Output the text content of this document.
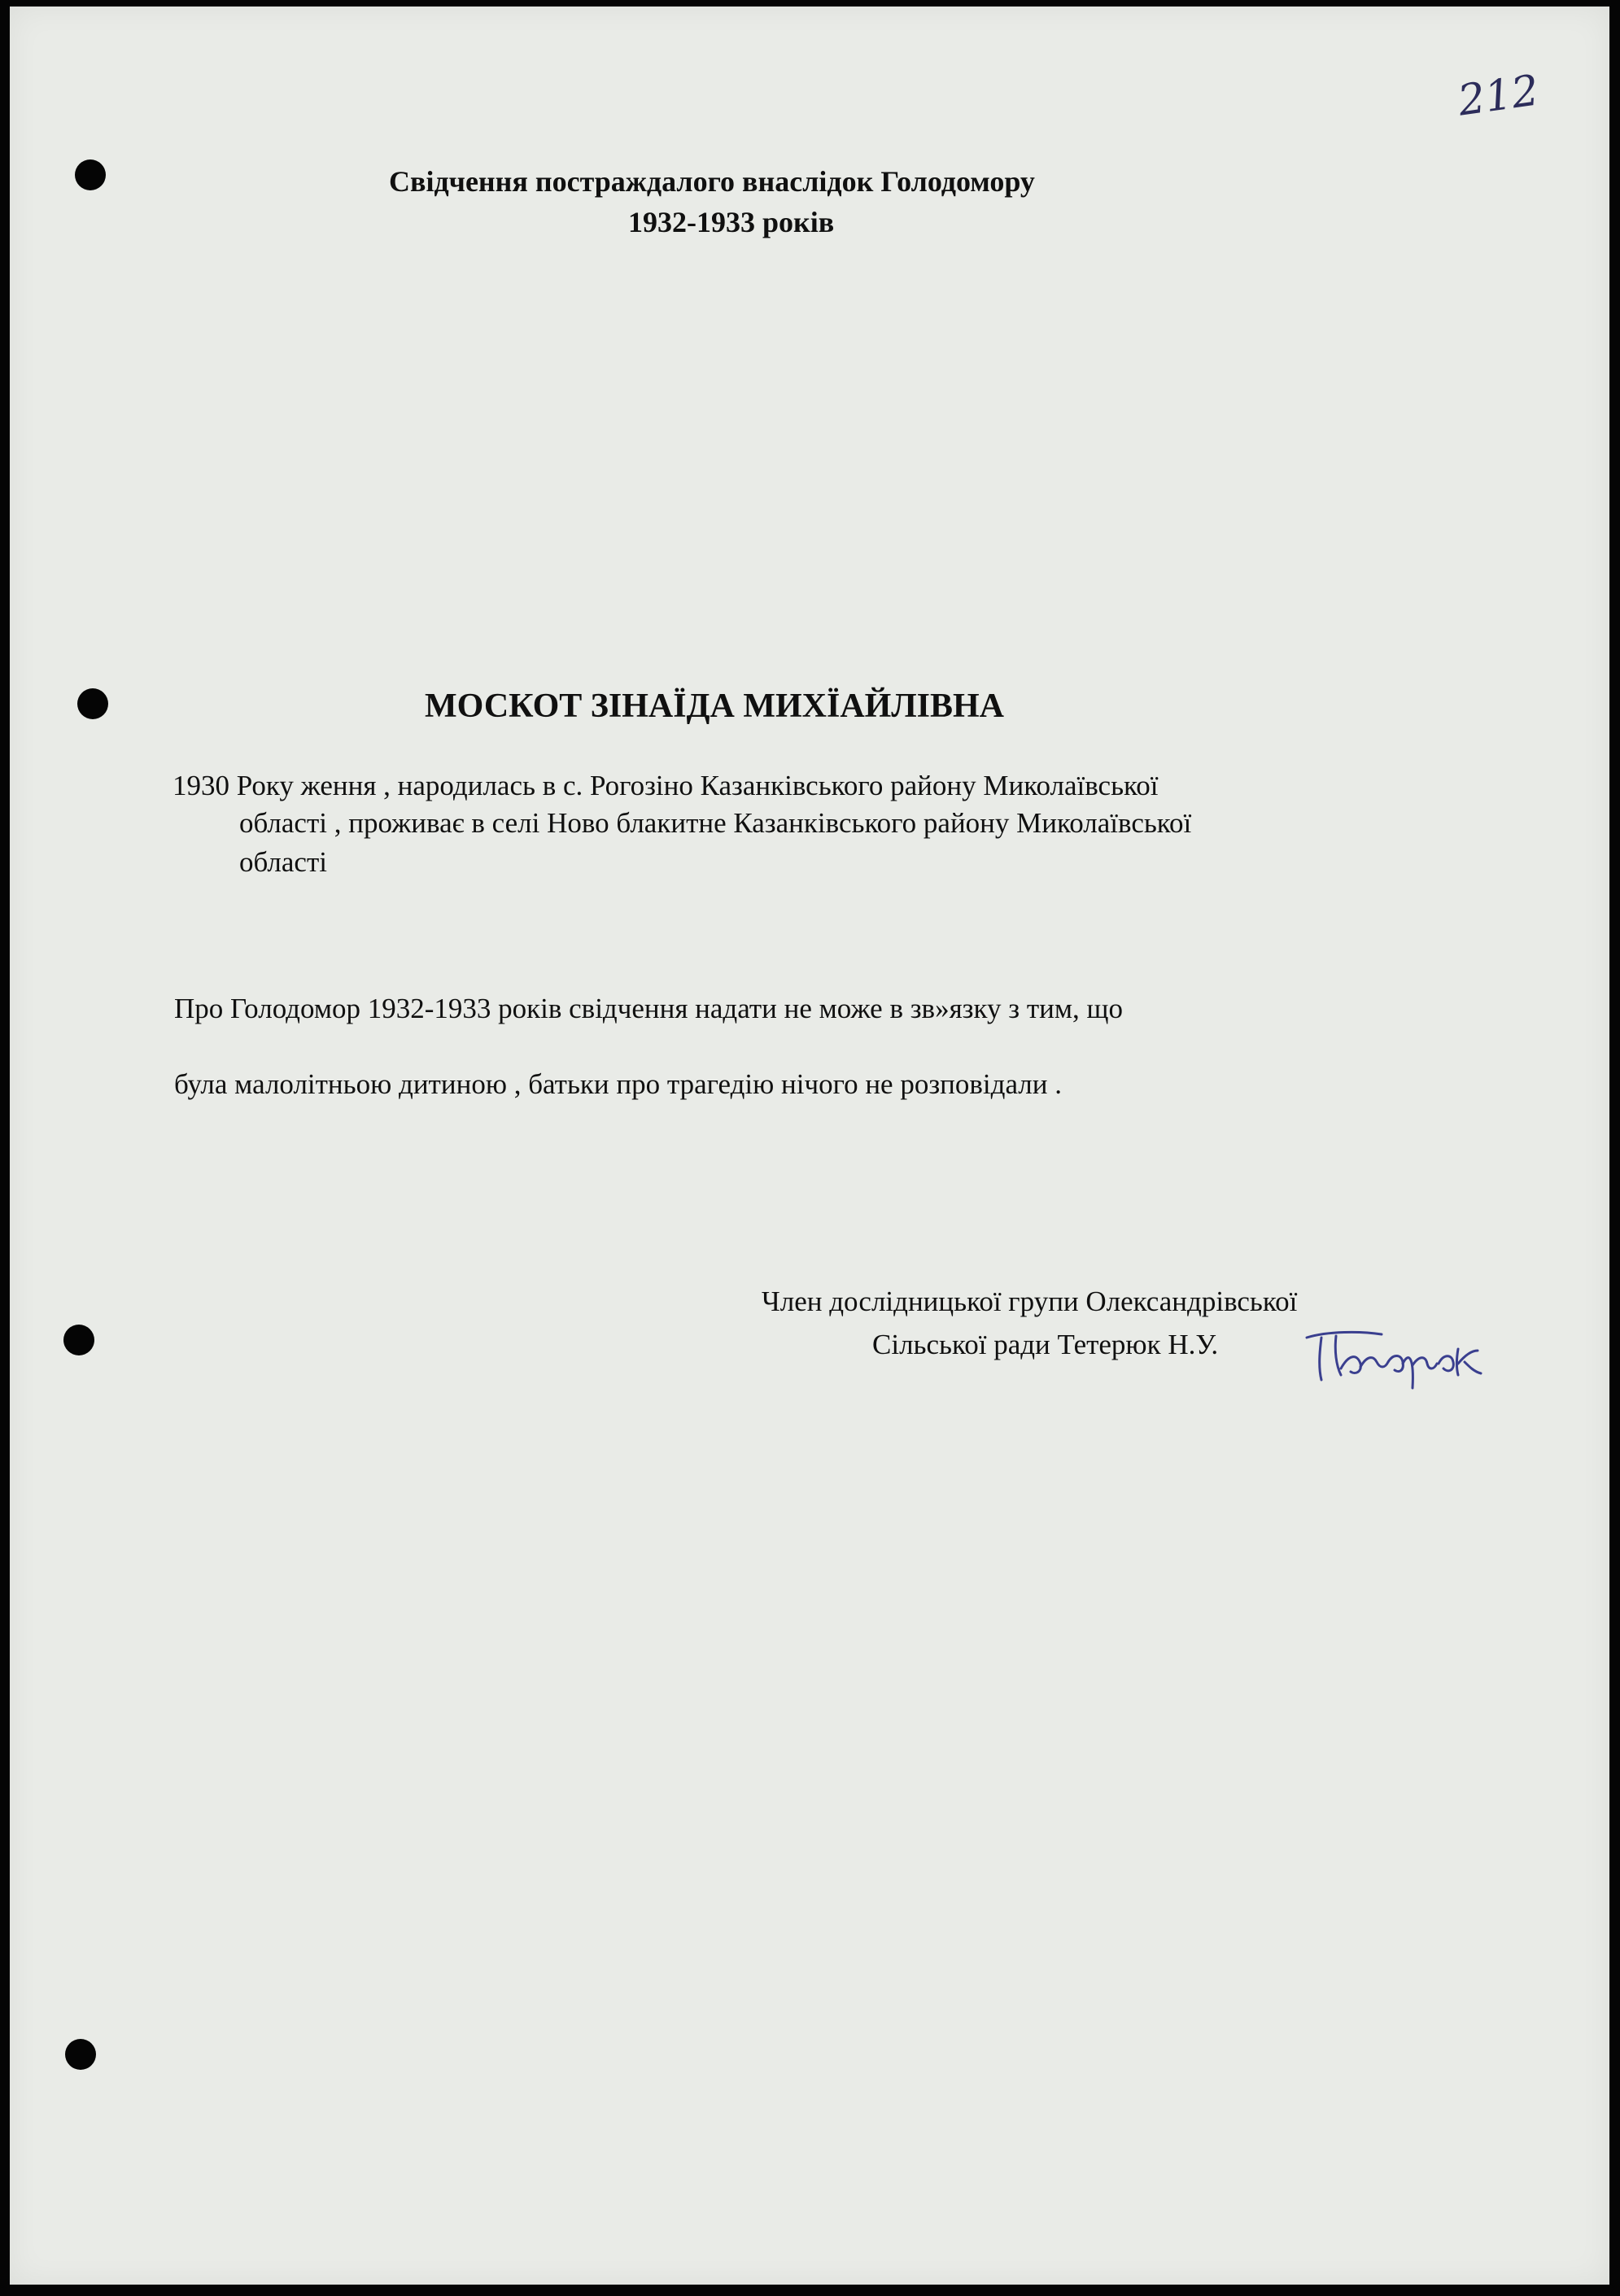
212
Свідчення постраждалого внаслідок Голодомору
1932-1933 років
МОСКОТ ЗІНАЇДА МИХЇАЙЛІВНА
1930 Року ження , народилась в с. Рогозіно Казанківського району Миколаївської
області , проживає в селі Ново блакитне Казанківського району Миколаївської
області
Про Голодомор 1932-1933 років свідчення надати не може в зв»язку з тим, що
була малолітньою дитиною , батьки про трагедію нічого не розповідали .
Член дослідницької групи Олександрівської
Сільської ради Тетерюк Н.У.
